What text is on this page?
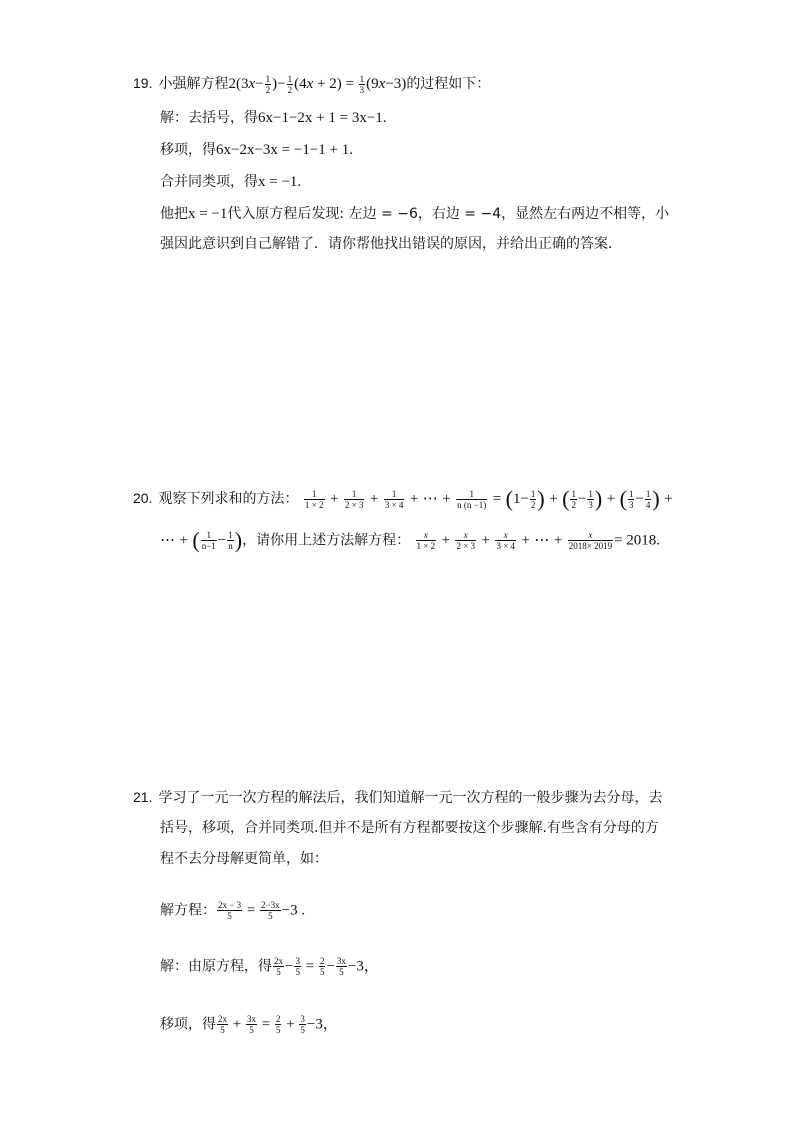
19. 小强解方程$2(3x- \frac{1}{2}$ )− $\frac{1}{2} (4x + 2) = \frac{1}{3} (9x-3)$的过程如下：
解：去括号，得6x−1−2x + 1 = 3x−1.
移项，得6x−2x−3x = −1−1 + 1.
合并同类项，得x = −1.
他把x = −1代入原方程后发现: 左边 = −6，右边 = −4，显然左右两边不相等，小
强因此意识到自己解错了．请你帮他找出错误的原因，并给出正确的答案．
20. 观察下列求和的方法： $\frac{1}{1 \times 2} + \frac{1}{2 \times 3} + \frac{1}{3 \times 4}$ + ⋯ + $\frac{1}{n (n -1)} = (1- \frac{1}{2}$ ) + ( $\frac{1}{2} - \frac{1}{3}$ ) + ( $\frac{1}{3} - \frac{1}{4}$ ) +
⋯ + ( $\frac{1}{n-1} - \frac{1}{n}$ )，请你用上述方法解方程： $\frac{x}{1 \times 2} + \frac{x}{2 \times 3} + \frac{x}{3 \times 4}$ + ⋯ + $\frac{x}{2018\times 2019} = 2018$.
21. 学习了一元一次方程的解法后，我们知道解一元一次方程的一般步骤为去分母，去
括号，移项，合并同类项.但并不是所有方程都要按这个步骤解.有些含有分母的方
程不去分母解更简单，如：
解方程： $\frac{2x - 3}{5} = \frac{2-3x}{5} -3$ .
解：由原方程，得 $\frac{2x}{5} - \frac{3}{5} = \frac{2}{5} - \frac{3x}{5} -3$，
移项，得 $\frac{2x}{5} + \frac{3x}{5} = \frac{2}{5} + \frac{3}{5} -3$，
